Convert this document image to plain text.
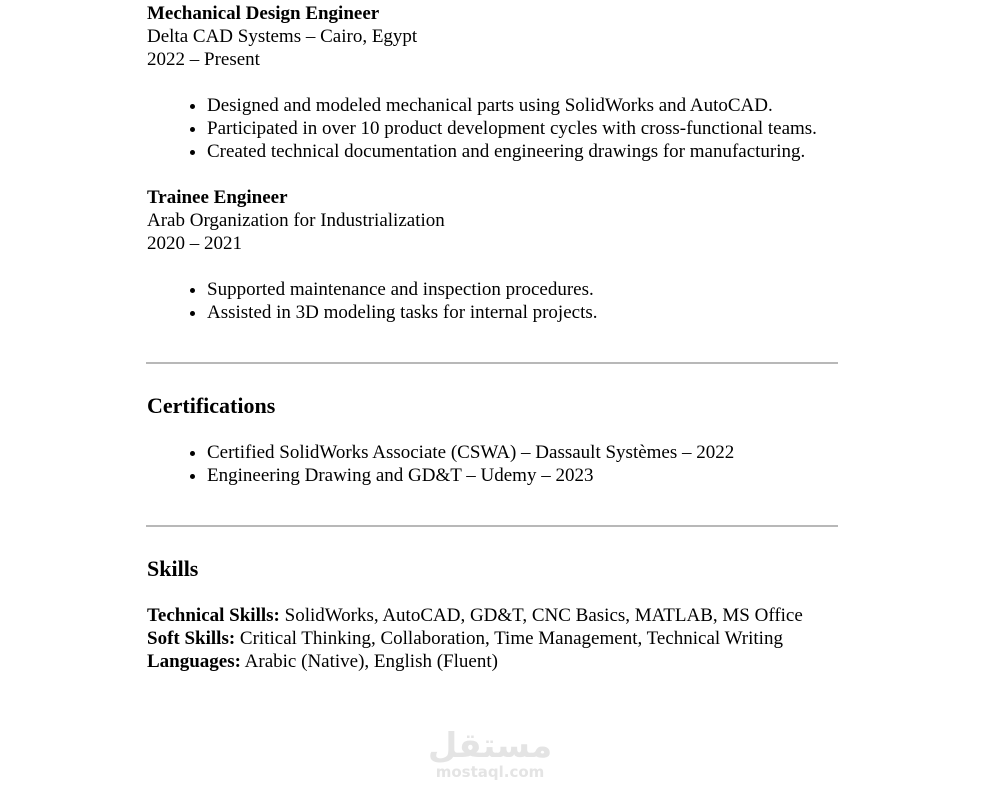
Mechanical Design Engineer

Delta CAD Systems – Cairo, Egypt

2022 – Present

• Designed and modeled mechanical parts using SolidWorks and AutoCAD.
• Participated in over 10 product development cycles with cross-functional teams.
• Created technical documentation and engineering drawings for manufacturing.

Trainee Engineer

Arab Organization for Industrialization

2020 – 2021

• Supported maintenance and inspection procedures.
• Assisted in 3D modeling tasks for internal projects.
Certifications
• Certified SolidWorks Associate (CSWA) – Dassault Systèmes – 2022
• Engineering Drawing and GD&T – Udemy – 2023
Skills

Technical Skills: SolidWorks, AutoCAD, GD&T, CNC Basics, MATLAB, MS Office

Soft Skills: Critical Thinking, Collaboration, Time Management, Technical Writing

Languages: Arabic (Native), English (Fluent)

مستقل
mostaql.com
